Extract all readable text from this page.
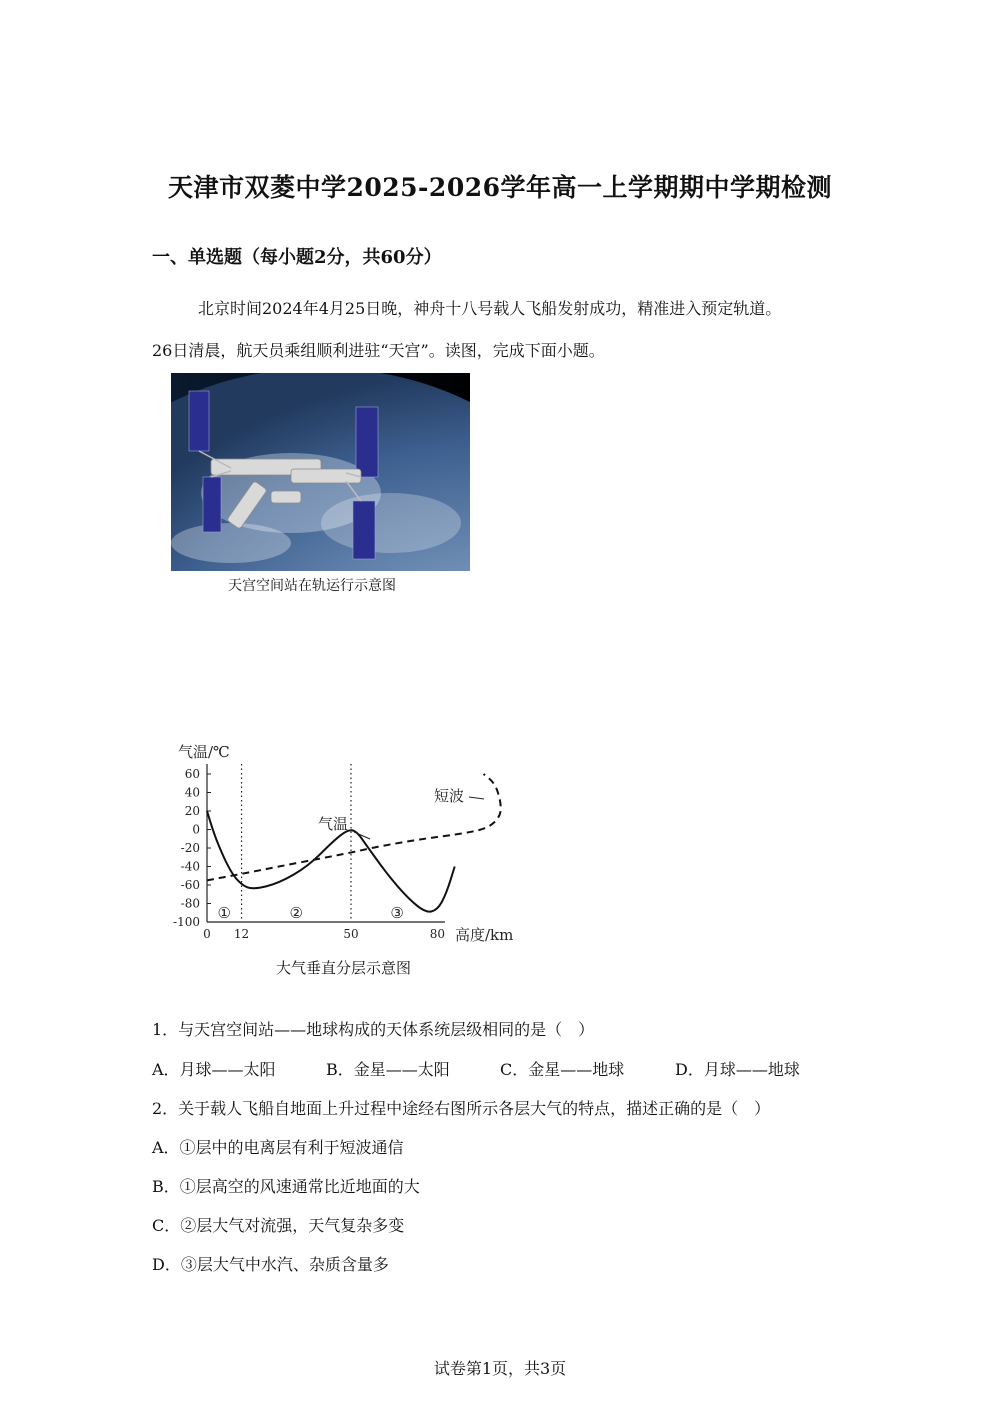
天津市双菱中学2025-2026学年高一上学期期中学期检测
一、单选题（每小题2分，共60分）
北京时间2024年4月25日晚，神舟十八号载人飞船发射成功，精准进入预定轨道。
26日清晨，航天员乘组顺利进驻“天宫”。读图，完成下面小题。
天宫空间站在轨运行示意图
气温/℃
60
40
20
0
-20
-40
-60
-80
-100
0 12	50	80 高度/km
①	②	③
气温
短波
1．与天宫空间站——地球构成的天体系统层级相同的是（　）
A．月球——太阳	B．金星——太阳	C．金星——地球	D．月球——地球
2．关于载人飞船自地面上升过程中途经右图所示各层大气的特点，描述正确的是（　）
A．①层中的电离层有利于短波通信
B．①层高空的风速通常比近地面的大
C．②层大气对流强，天气复杂多变
D．③层大气中水汽、杂质含量多
试卷第1页，共3页
大气垂直分层示意图
